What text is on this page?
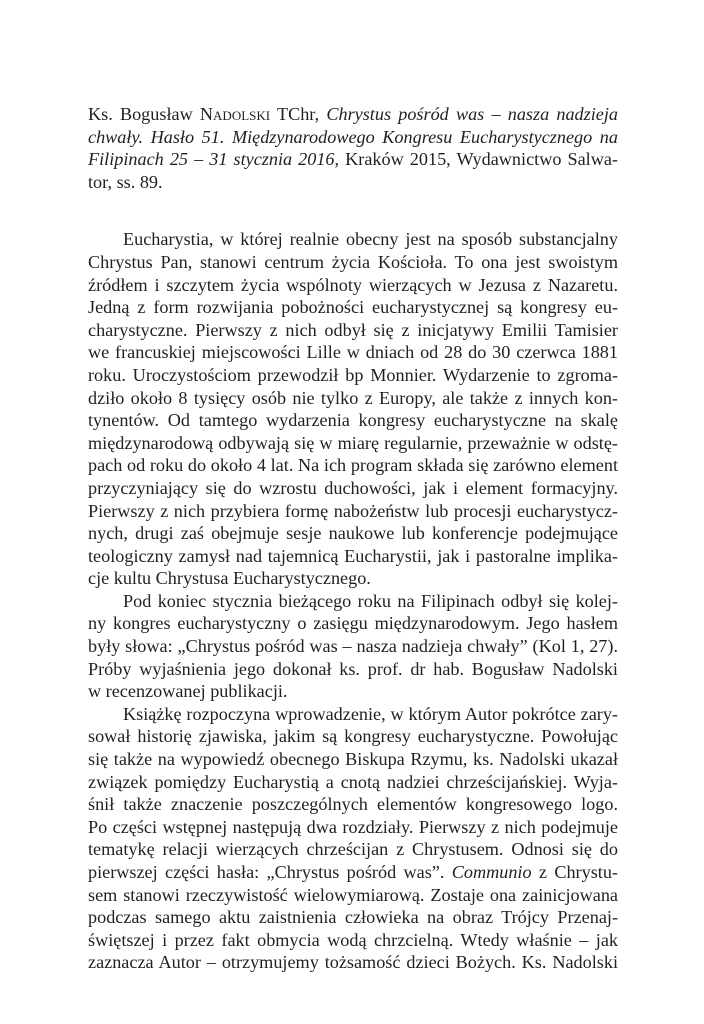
Ks. Bogusław Nadolski TChr, Chrystus pośród was – nasza nadzieja
chwały. Hasło 51. Międzynarodowego Kongresu Eucharystycznego na
Filipinach 25 – 31 stycznia 2016, Kraków 2015, Wydawnictwo Salwa-
tor, ss. 89.
Eucharystia, w której realnie obecny jest na sposób substancjalny
Chrystus Pan, stanowi centrum życia Kościoła. To ona jest swoistym
źródłem i szczytem życia wspólnoty wierzących w Jezusa z Nazaretu.
Jedną z form rozwijania pobożności eucharystycznej są kongresy eu-
charystyczne. Pierwszy z nich odbył się z inicjatywy Emilii Tamisier
we francuskiej miejscowości Lille w dniach od 28 do 30 czerwca 1881
roku. Uroczystościom przewodził bp Monnier. Wydarzenie to zgroma-
dziło około 8 tysięcy osób nie tylko z Europy, ale także z innych kon-
tynentów. Od tamtego wydarzenia kongresy eucharystyczne na skalę
międzynarodową odbywają się w miarę regularnie, przeważnie w odstę-
pach od roku do około 4 lat. Na ich program składa się zarówno element
przyczyniający się do wzrostu duchowości, jak i element formacyjny.
Pierwszy z nich przybiera formę nabożeństw lub procesji eucharystycz-
nych, drugi zaś obejmuje sesje naukowe lub konferencje podejmujące
teologiczny zamysł nad tajemnicą Eucharystii, jak i pastoralne implika-
cje kultu Chrystusa Eucharystycznego.
Pod koniec stycznia bieżącego roku na Filipinach odbył się kolej-
ny kongres eucharystyczny o zasięgu międzynarodowym. Jego hasłem
były słowa: „Chrystus pośród was – nasza nadzieja chwały” (Kol 1, 27).
Próby wyjaśnienia jego dokonał ks. prof. dr hab. Bogusław Nadolski
w recenzowanej publikacji.
Książkę rozpoczyna wprowadzenie, w którym Autor pokrótce zary-
sował historię zjawiska, jakim są kongresy eucharystyczne. Powołując
się także na wypowiedź obecnego Biskupa Rzymu, ks. Nadolski ukazał
związek pomiędzy Eucharystią a cnotą nadziei chrześcijańskiej. Wyja-
śnił także znaczenie poszczególnych elementów kongresowego logo.
Po części wstępnej następują dwa rozdziały. Pierwszy z nich podejmuje
tematykę relacji wierzących chrześcijan z Chrystusem. Odnosi się do
pierwszej części hasła: „Chrystus pośród was”. Communio z Chrystu-
sem stanowi rzeczywistość wielowymiarową. Zostaje ona zainicjowana
podczas samego aktu zaistnienia człowieka na obraz Trójcy Przenaj-
świętszej i przez fakt obmycia wodą chrzcielną. Wtedy właśnie – jak
zaznacza Autor – otrzymujemy tożsamość dzieci Bożych. Ks. Nadolski
